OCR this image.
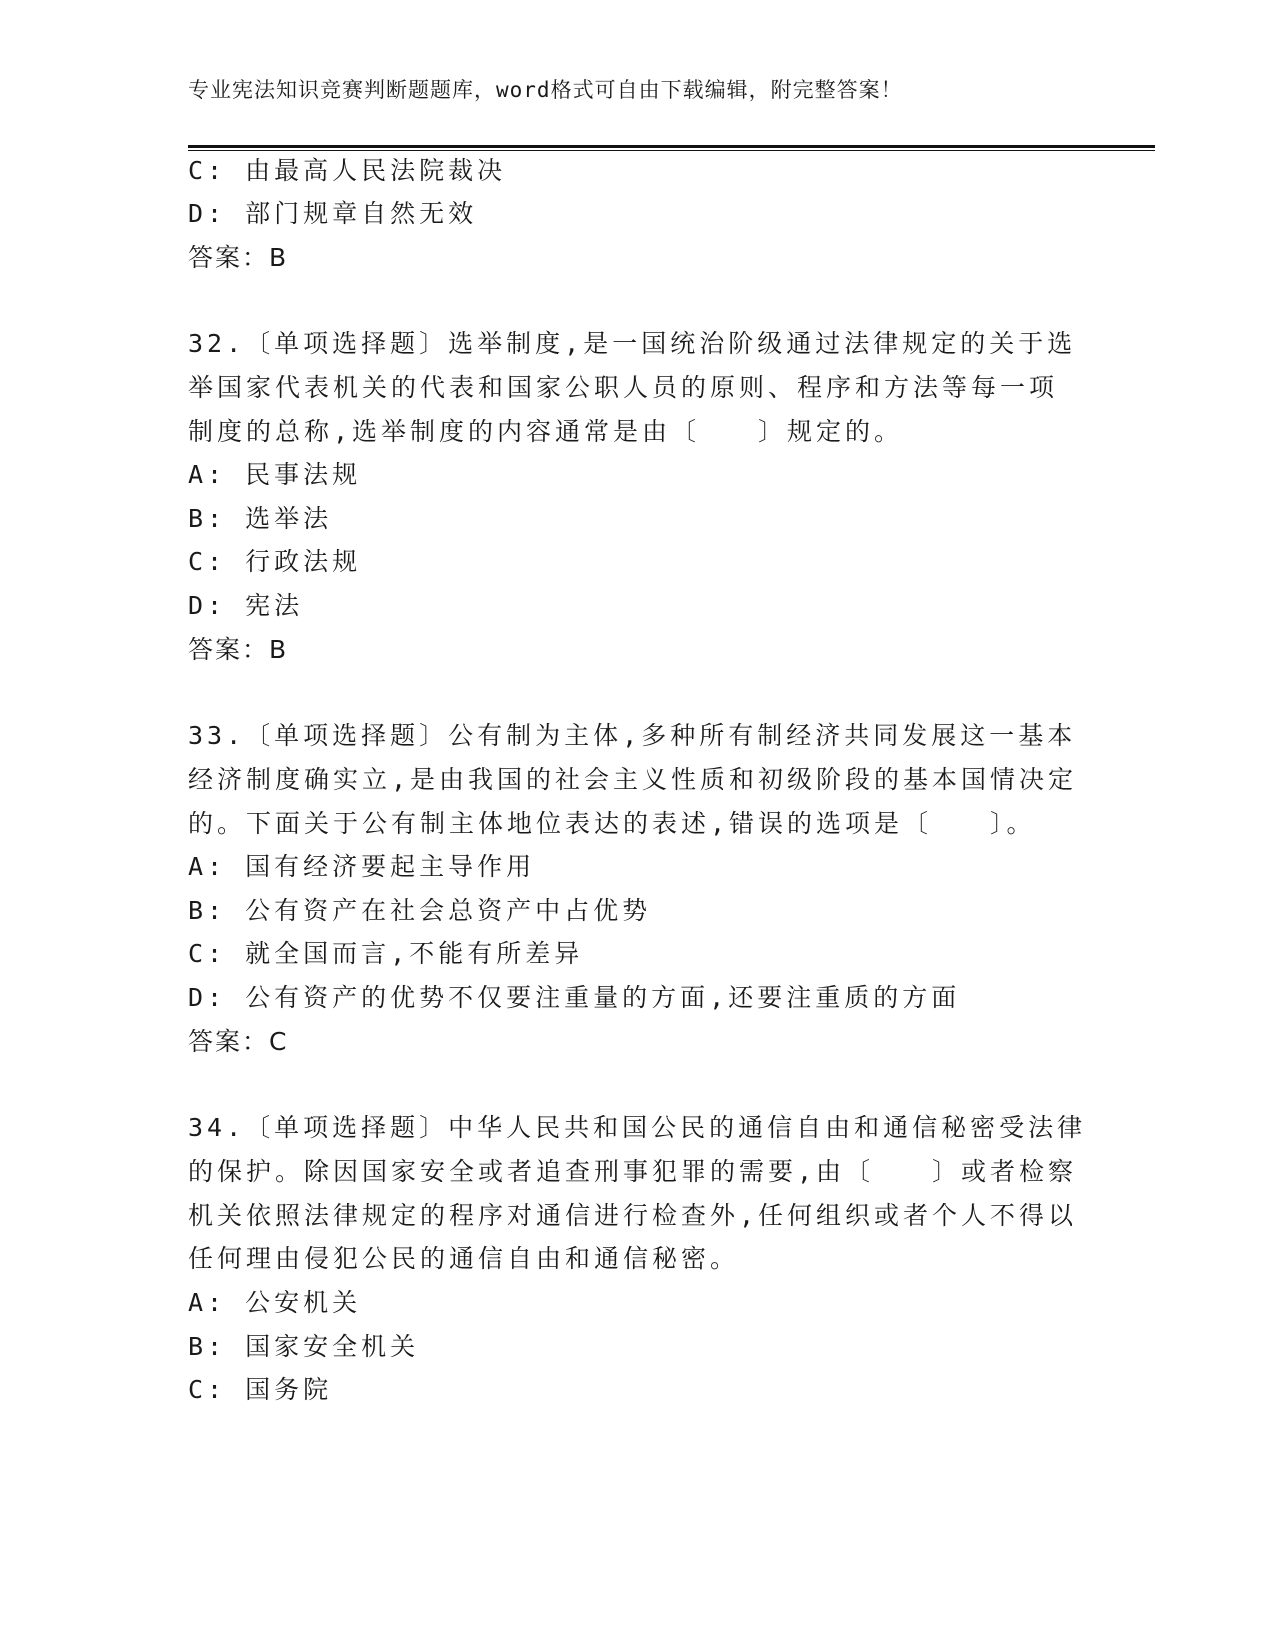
专业宪法知识竞赛判断题题库，word格式可自由下载编辑，附完整答案！
C: 由最高人民法院裁决
D: 部门规章自然无效
答案：B
32.〔单项选择题〕选举制度,是一国统治阶级通过法律规定的关于选
举国家代表机关的代表和国家公职人员的原则、程序和方法等每一项
制度的总称,选举制度的内容通常是由〔　　〕规定的。
A: 民事法规
B: 选举法
C: 行政法规
D: 宪法
答案：B
33.〔单项选择题〕公有制为主体,多种所有制经济共同发展这一基本
经济制度确实立,是由我国的社会主义性质和初级阶段的基本国情决定
的。下面关于公有制主体地位表达的表述,错误的选项是〔　　〕。
A: 国有经济要起主导作用
B: 公有资产在社会总资产中占优势
C: 就全国而言,不能有所差异
D: 公有资产的优势不仅要注重量的方面,还要注重质的方面
答案：C
34.〔单项选择题〕中华人民共和国公民的通信自由和通信秘密受法律
的保护。除因国家安全或者追查刑事犯罪的需要,由〔　　〕或者检察
机关依照法律规定的程序对通信进行检查外,任何组织或者个人不得以
任何理由侵犯公民的通信自由和通信秘密。
A: 公安机关
B: 国家安全机关
C: 国务院
